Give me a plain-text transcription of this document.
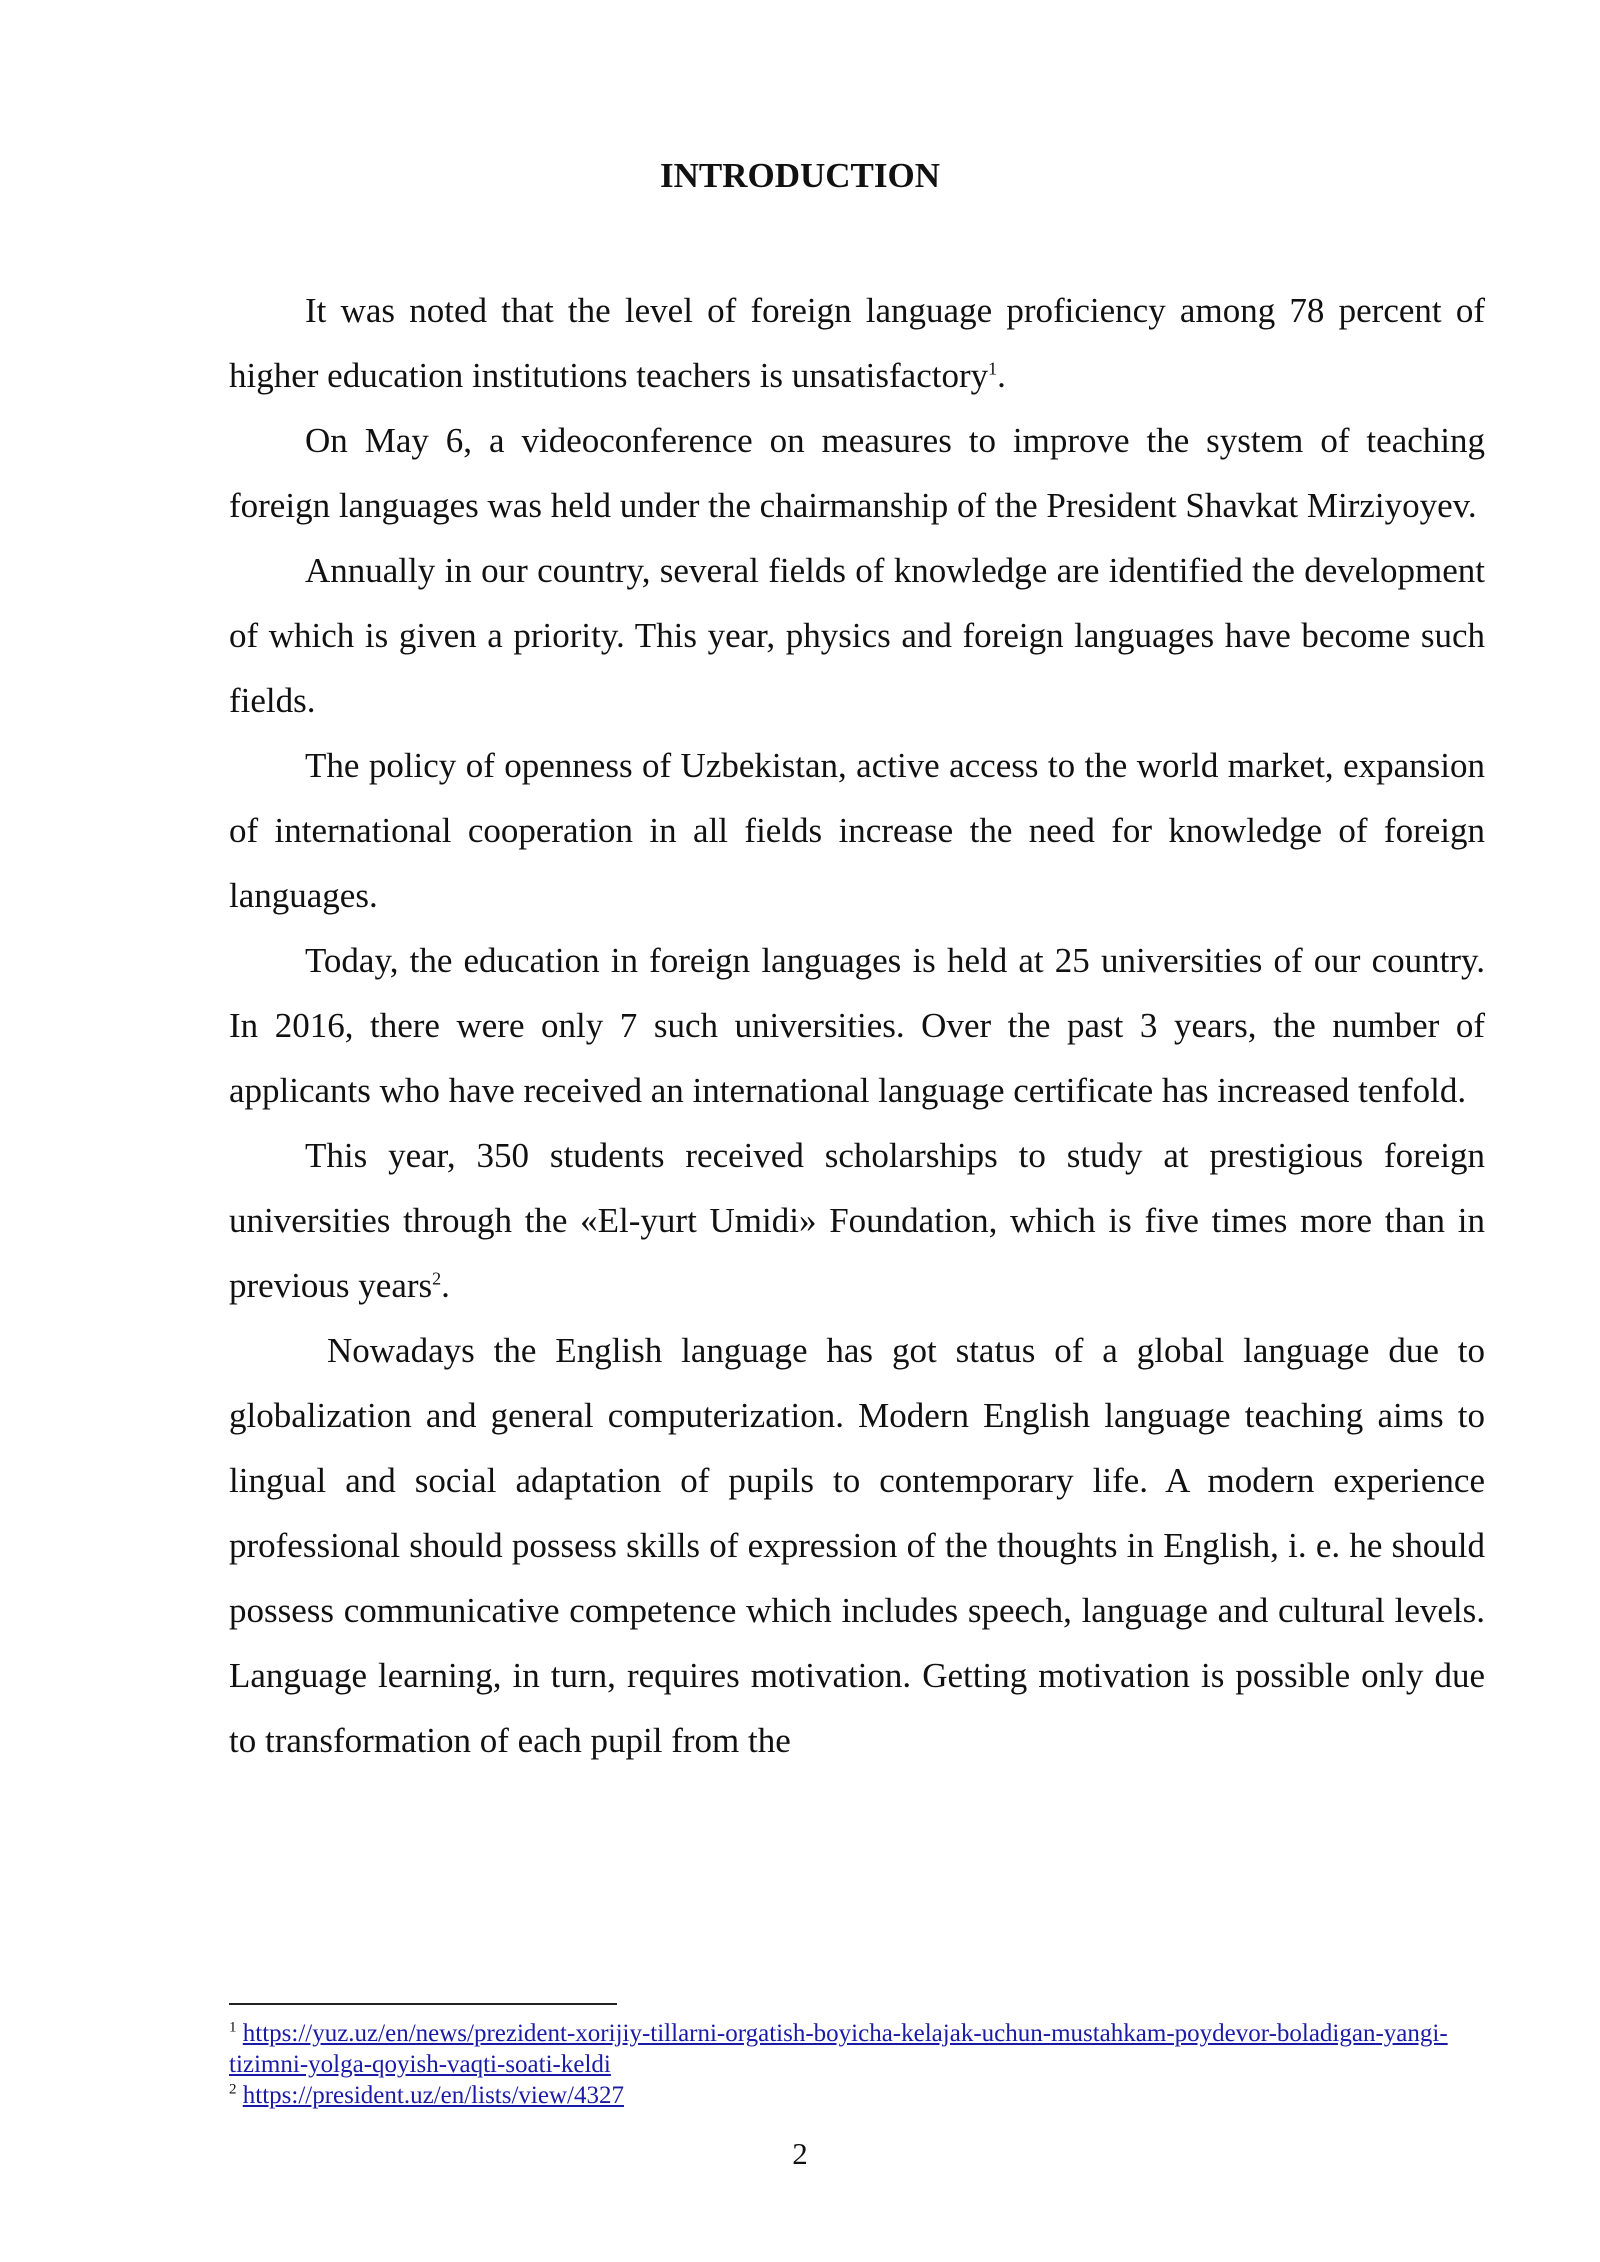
INTRODUCTION

It was noted that the level of foreign language proficiency among 78 percent of higher education institutions teachers is unsatisfactory$^1$.

On May 6, a videoconference on measures to improve the system of teaching foreign languages was held under the chairmanship of the President Shavkat Mirziyoyev.

Annually in our country, several fields of knowledge are identified the development of which is given a priority. This year, physics and foreign languages have become such fields.

The policy of openness of Uzbekistan, active access to the world market, expansion of international cooperation in all fields increase the need for knowledge of foreign languages.

Today, the education in foreign languages is held at 25 universities of our country. In 2016, there were only 7 such universities. Over the past 3 years, the number of applicants who have received an international language certificate has increased tenfold.

This year, 350 students received scholarships to study at prestigious foreign universities through the «El-yurt Umidi» Foundation, which is five times more than in previous years$^2$.

Nowadays the English language has got status of a global language due to globalization and general computerization. Modern English language teaching aims to lingual and social adaptation of pupils to contemporary life. A modern experience professional should possess skills of expression of the thoughts in English, i. e. he should possess communicative competence which includes speech, language and cultural levels. Language learning, in turn, requires motivation. Getting motivation is possible only due to transformation of each pupil from the

$^1$ https://yuz.uz/en/news/prezident-xorijiy-tillarni-orgatish-boyicha-kelajak-uchun-mustahkam-poydevor-boladigan-yangi-tizimni-yolga-qoyish-vaqti-soati-keldi

$^2$ https://president.uz/en/lists/view/4327

2
